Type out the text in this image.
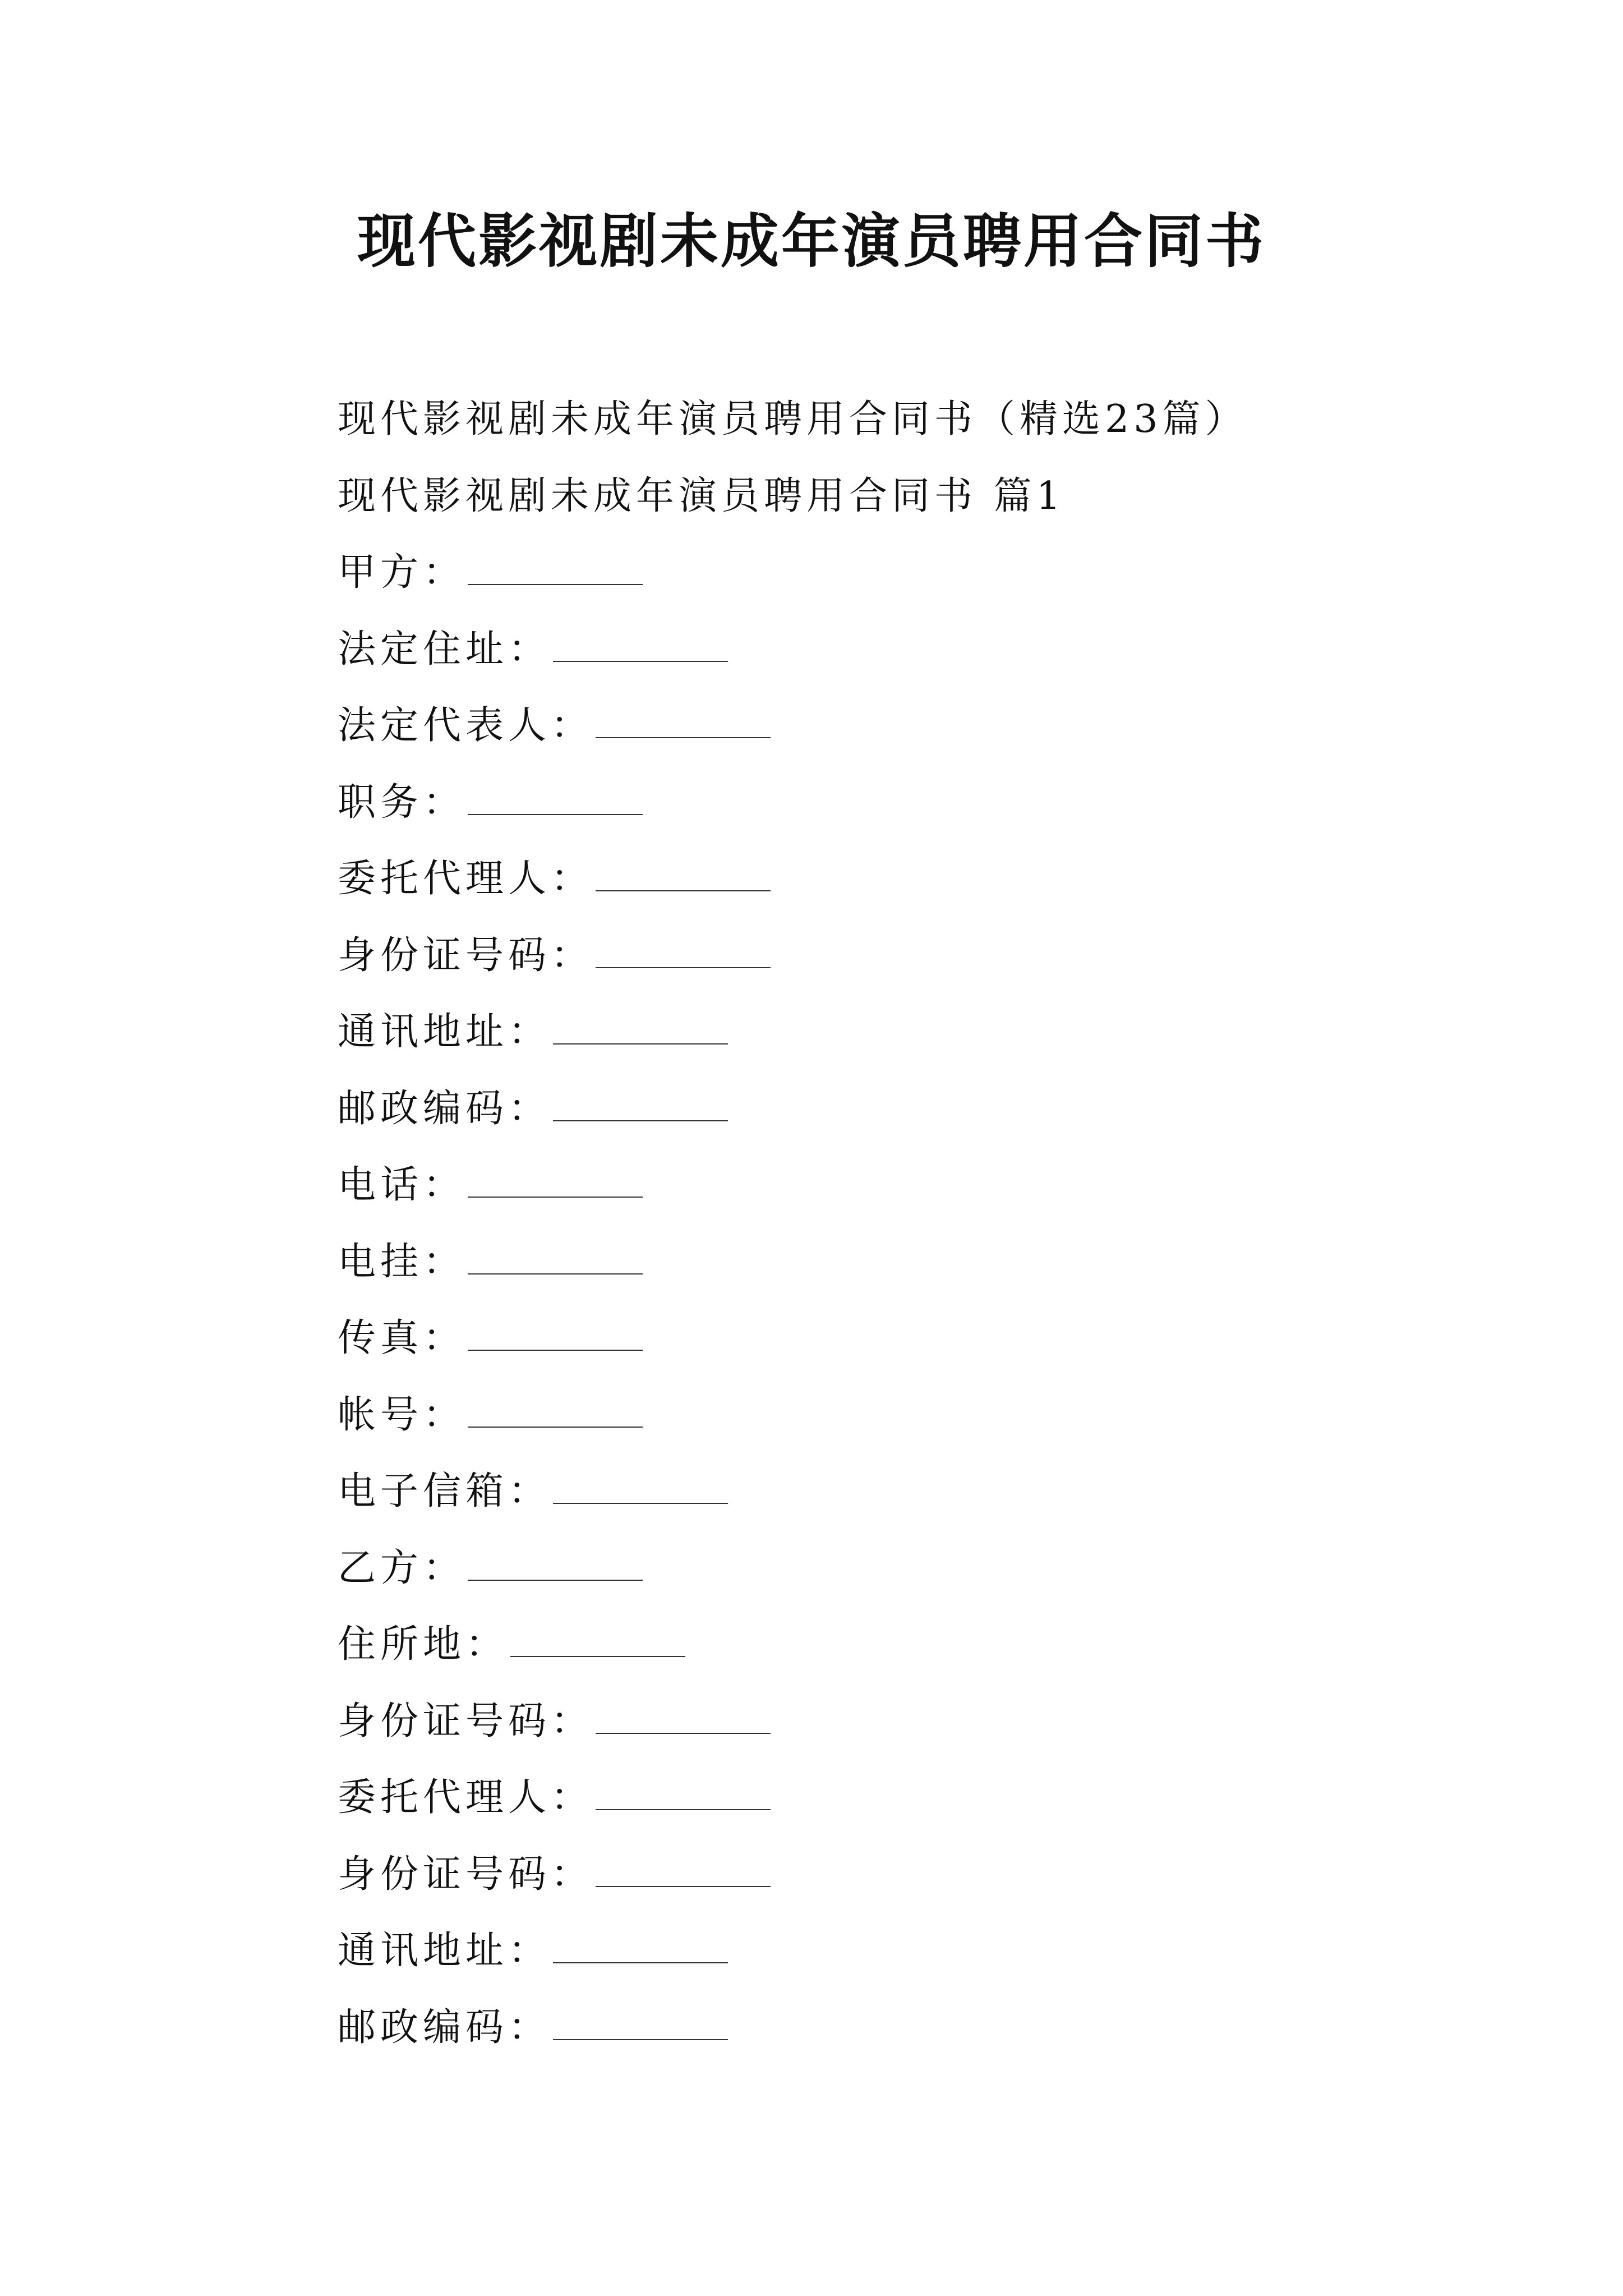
现代影视剧未成年演员聘用合同书
现代影视剧未成年演员聘用合同书（精选23篇）
现代影视剧未成年演员聘用合同书 篇1
甲方：
法定住址：
法定代表人：
职务：
委托代理人：
身份证号码：
通讯地址：
邮政编码：
电话：
电挂：
传真：
帐号：
电子信箱：
乙方：
住所地：
身份证号码：
委托代理人：
身份证号码：
通讯地址：
邮政编码：
